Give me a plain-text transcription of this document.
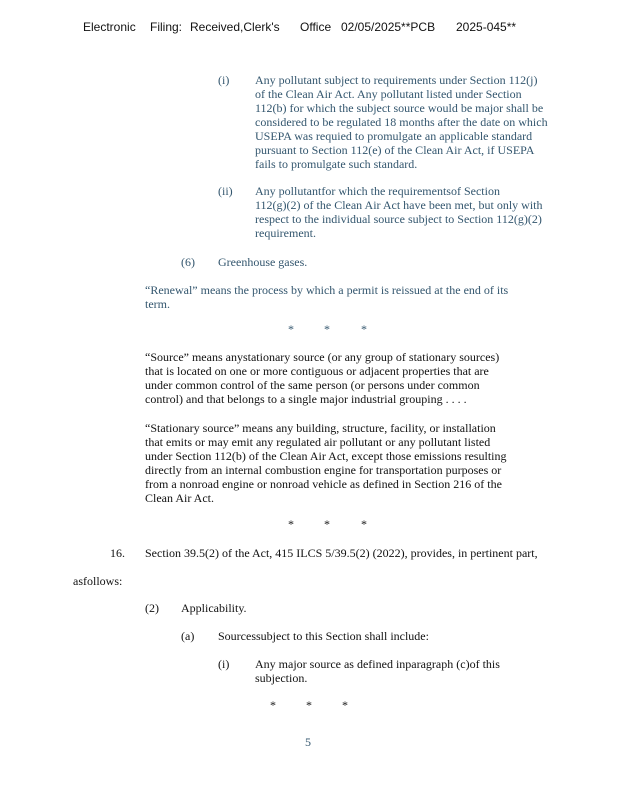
Electronic Filing: Received,Clerk's Office 02/05/2025**PCB 2025-045**
(i) Any pollutant subject to requirements under Section 112(j)
of the Clean Air Act. Any pollutant listed under Section
112(b) for which the subject source would be major shall be
considered to be regulated 18 months after the date on which
USEPA was requied to promulgate an applicable standard
pursuant to Section 112(e) of the Clean Air Act, if USEPA
fails to promulgate such standard.
(ii) Any pollutantfor which the requirementsof Section
112(g)(2) of the Clean Air Act have been met, but only with
respect to the individual source subject to Section 112(g)(2)
requirement.
(6) Greenhouse gases.
“Renewal” means the process by which a permit is reissued at the end of its
term.
*	*	*
“Source” means anystationary source (or any group of stationary sources)
that is located on one or more contiguous or adjacent properties that are
under common control of the same person (or persons under common
control) and that belongs to a single major industrial grouping . . . .
“Stationary source” means any building, structure, facility, or installation
that emits or may emit any regulated air pollutant or any pollutant listed
under Section 112(b) of the Clean Air Act, except those emissions resulting
directly from an internal combustion engine for transportation purposes or
from a nonroad engine or nonroad vehicle as defined in Section 216 of the
Clean Air Act.
*	*	*
16. Section 39.5(2) of the Act, 415 ILCS 5/39.5(2) (2022), provides, in pertinent part,
asfollows:
(2) Applicability.
(a) Sourcessubject to this Section shall include:
(i) Any major source as defined inparagraph (c)of this
subjection.
*	*	*
5
